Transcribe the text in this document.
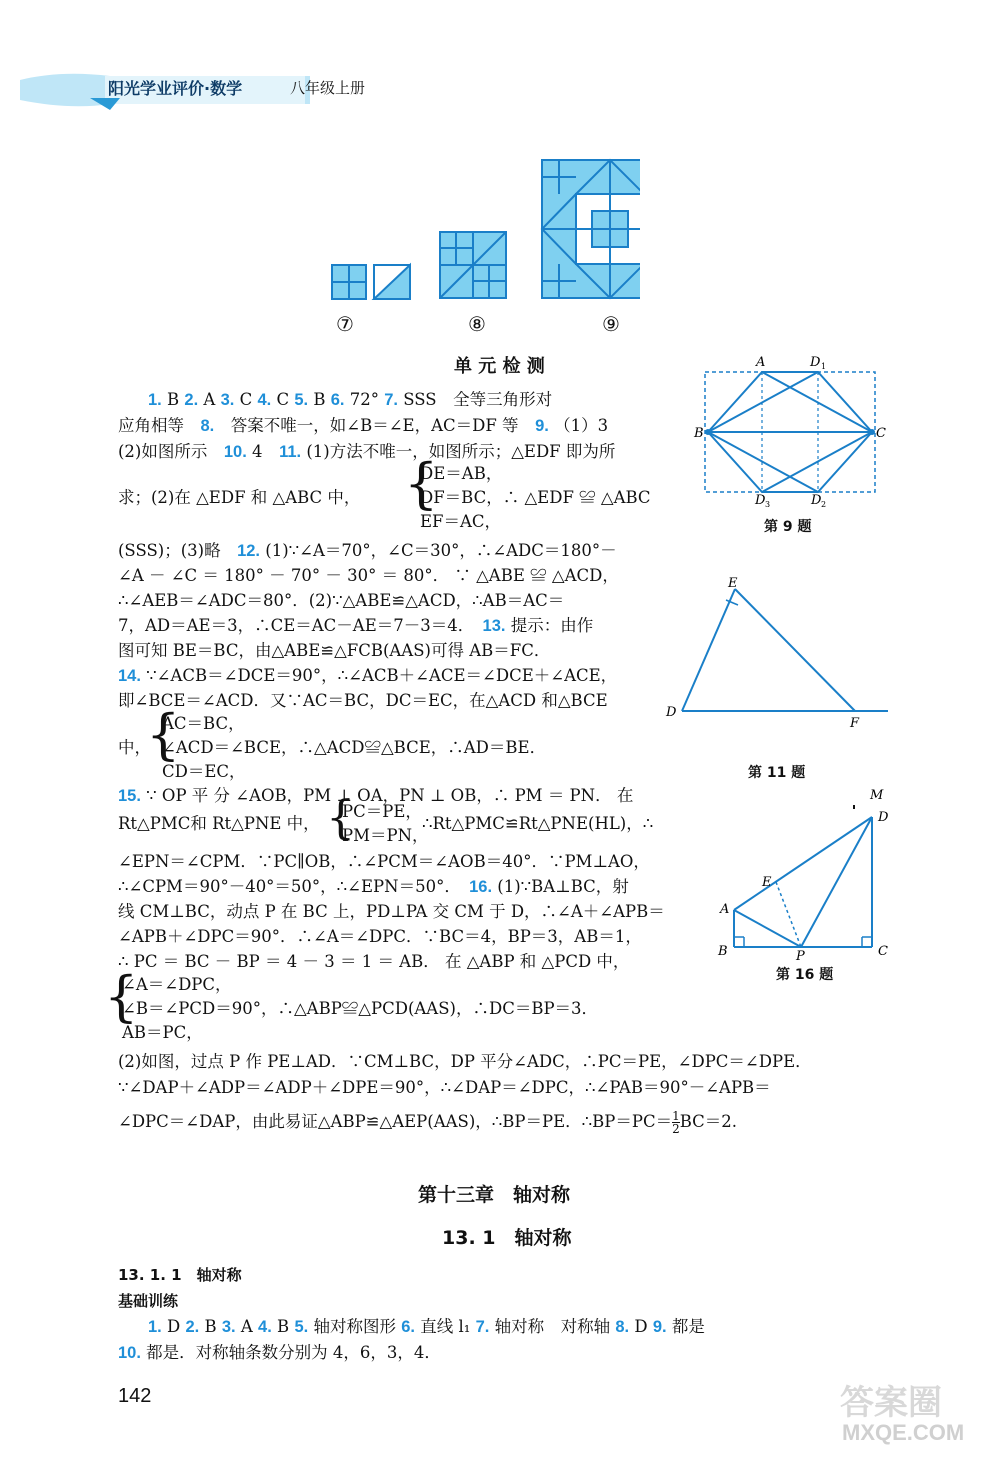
阳光学业评价·数学	八年级上册
⑦	⑧	⑨
单 元 检 测	A	D 1
B	C
D 3	D 2
第 9 题
E
D
F
第 11 题
M
D
E
A
B	P	C
第 16 题
1. B 2. A 3. C 4. C 5. B 6. 72° 7. SSS　全等三角形对
应角相等　8.　答案不唯一，如∠B＝∠E，AC＝DF 等　9. （1）3
(2)如图所示　10. 4　11. (1)方法不唯一，如图所示；△EDF 即为所
{
DE＝AB，
求；(2)在 △EDF 和 △ABC 中，	DF＝BC，∴ △EDF ≌ △ABC
EF＝AC，
(SSS)；(3)略　12. (1)∵∠A＝70°，∠C＝30°，∴∠ADC＝180°－
∠A － ∠C ＝ 180° － 70° － 30° ＝ 80°． ∵ △ABE ≌ △ACD，
∴∠AEB＝∠ADC＝80°．(2)∵△ABE≌△ACD，∴AB＝AC＝
7，AD＝AE＝3，∴CE＝AC－AE＝7－3＝4．　13. 提示：由作
图可知 BE＝BC，由△ABE≌△FCB(AAS)可得 AB＝FC．
14. ∵∠ACB＝∠DCE＝90°，∴∠ACB＋∠ACE＝∠DCE＋∠ACE，
即∠BCE＝∠ACD．又∵AC＝BC，DC＝EC，在△ACD 和△BCE
{
AC＝BC，
中， ∠ACD＝∠BCE，∴△ACD≌△BCE，∴AD＝BE．
CD＝EC，
15. ∵ OP 平 分 ∠AOB，PM ⊥ OA，PN ⊥ OB，∴ PM ＝ PN． 在
{
PC＝PE，
Rt△PMC和 Rt△PNE 中，	∴Rt△PMC≌Rt△PNE(HL)，∴
PM＝PN，
∠EPN＝∠CPM．∵PC∥OB，∴∠PCM＝∠AOB＝40°．∵PM⊥AO，
∴∠CPM＝90°－40°＝50°，∴∠EPN＝50°．　16. (1)∵BA⊥BC，射
线 CM⊥BC，动点 P 在 BC 上，PD⊥PA 交 CM 于 D，∴∠A＋∠APB＝
∠APB＋∠DPC＝90°．∴∠A＝∠DPC．∵BC＝4，BP＝3，AB＝1，
∴ PC ＝ BC － BP ＝ 4 － 3 ＝ 1 ＝ AB． 在 △ABP 和 △PCD 中，
{
∠A＝∠DPC，
∠B＝∠PCD＝90°，∴△ABP≌△PCD(AAS)，∴DC＝BP＝3．
AB＝PC，
(2)如图，过点 P 作 PE⊥AD．∵CM⊥BC，DP 平分∠ADC，∴PC＝PE，∠DPC＝∠DPE．
∵∠DAP＋∠ADP＝∠ADP＋∠DPE＝90°，∴∠DAP＝∠DPC，∴∠PAB＝90°－∠APB＝
∠DPC＝∠DAP，由此易证△ABP≌△AEP(AAS)，∴BP＝PE．∴BP＝PC＝ $\frac{1}{2} BC=2$.
第十三章　轴对称
13. 1　轴对称
13. 1. 1　轴对称
基础训练
1. D 2. B 3. A 4. B 5. 轴对称图形 6. 直线 l₁ 7. 轴对称　对称轴 8. D 9. 都是
10. 都是．对称轴条数分别为 4，6，3，4．
142	答案圈
MXQE.COM
